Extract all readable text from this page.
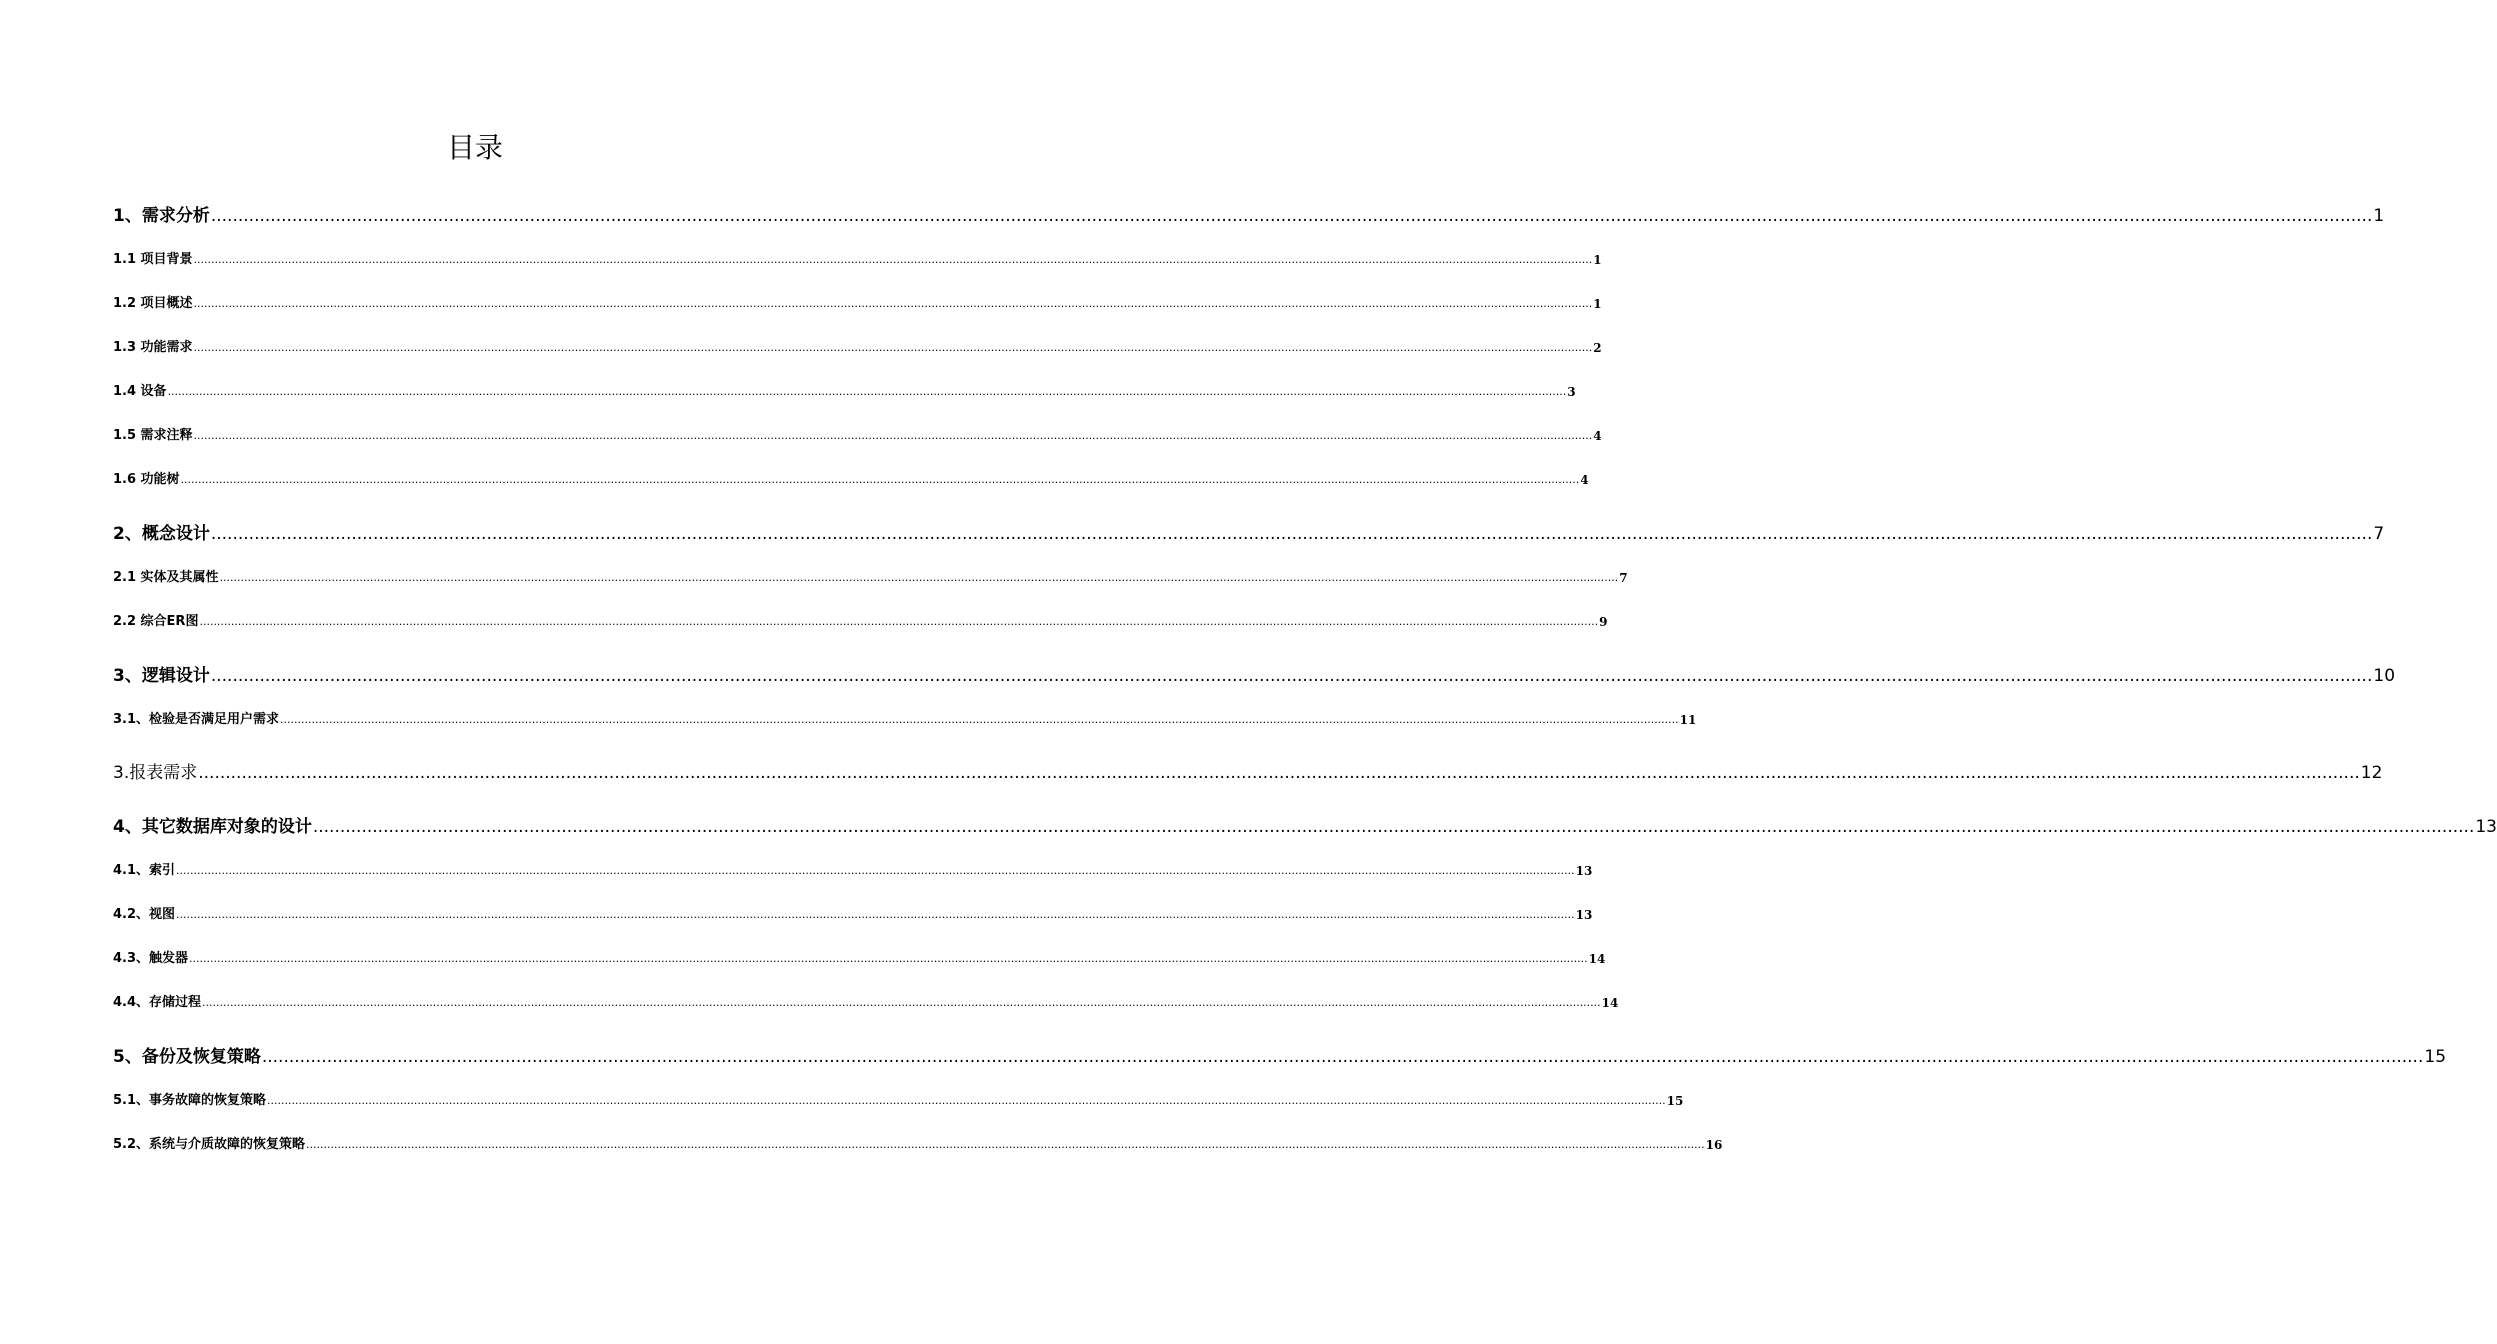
目录
1、需求分析 ................................................................................................................................................................................................................................................................................................................................................................................................................ 1
1.1 项目背景 ................................................................................................................................................................................................................................................................................................................................................................................................................ 1
1.2 项目概述 ................................................................................................................................................................................................................................................................................................................................................................................................................ 1
1.3 功能需求 ................................................................................................................................................................................................................................................................................................................................................................................................................ 2
1.4 设备 ................................................................................................................................................................................................................................................................................................................................................................................................................ 3
1.5 需求注释 ................................................................................................................................................................................................................................................................................................................................................................................................................ 4
1.6 功能树 ................................................................................................................................................................................................................................................................................................................................................................................................................ 4
2、概念设计 ................................................................................................................................................................................................................................................................................................................................................................................................................ 7
2.1 实体及其属性 ................................................................................................................................................................................................................................................................................................................................................................................................................ 7
2.2 综合ER图 ................................................................................................................................................................................................................................................................................................................................................................................................................ 9
3、逻辑设计 ................................................................................................................................................................................................................................................................................................................................................................................................................ 10
3.1、检验是否满足用户需求 ................................................................................................................................................................................................................................................................................................................................................................................................................ 11
3.报表需求 ................................................................................................................................................................................................................................................................................................................................................................................................................ 12
4、其它数据库对象的设计 ................................................................................................................................................................................................................................................................................................................................................................................................................ 13
4.1、索引 ................................................................................................................................................................................................................................................................................................................................................................................................................ 13
4.2、视图 ................................................................................................................................................................................................................................................................................................................................................................................................................ 13
4.3、触发器 ................................................................................................................................................................................................................................................................................................................................................................................................................ 14
4.4、存储过程 ................................................................................................................................................................................................................................................................................................................................................................................................................ 14
5、备份及恢复策略 ................................................................................................................................................................................................................................................................................................................................................................................................................ 15
5.1、事务故障的恢复策略 ................................................................................................................................................................................................................................................................................................................................................................................................................ 15
5.2、系统与介质故障的恢复策略 ................................................................................................................................................................................................................................................................................................................................................................................................................ 16
